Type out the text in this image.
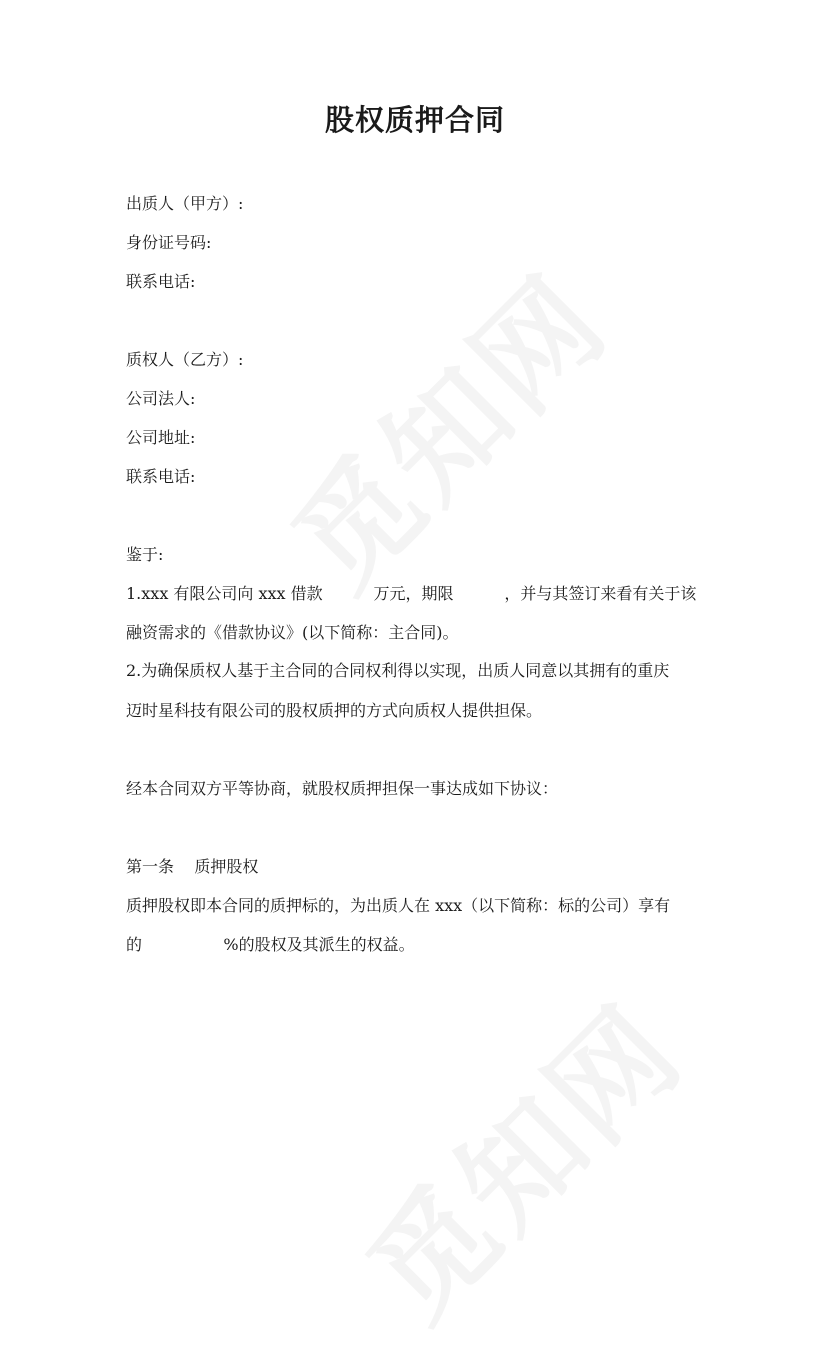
股权质押合同
出质人（甲方）:
身份证号码:
联系电话:
质权人（乙方）:
公司法人:
公司地址:
联系电话:
鉴于:
1.xxx 有限公司向 xxx 借款          万元，期限          ，并与其签订来看有关于该
融资需求的《借款协议》(以下简称：主合同)。
2.为确保质权人基于主合同的合同权利得以实现，出质人同意以其拥有的重庆
迈时星科技有限公司的股权质押的方式向质权人提供担保。
经本合同双方平等协商，就股权质押担保一事达成如下协议：
第一条    质押股权
质押股权即本合同的质押标的，为出质人在 xxx（以下简称：标的公司）享有
的                %的股权及其派生的权益。
